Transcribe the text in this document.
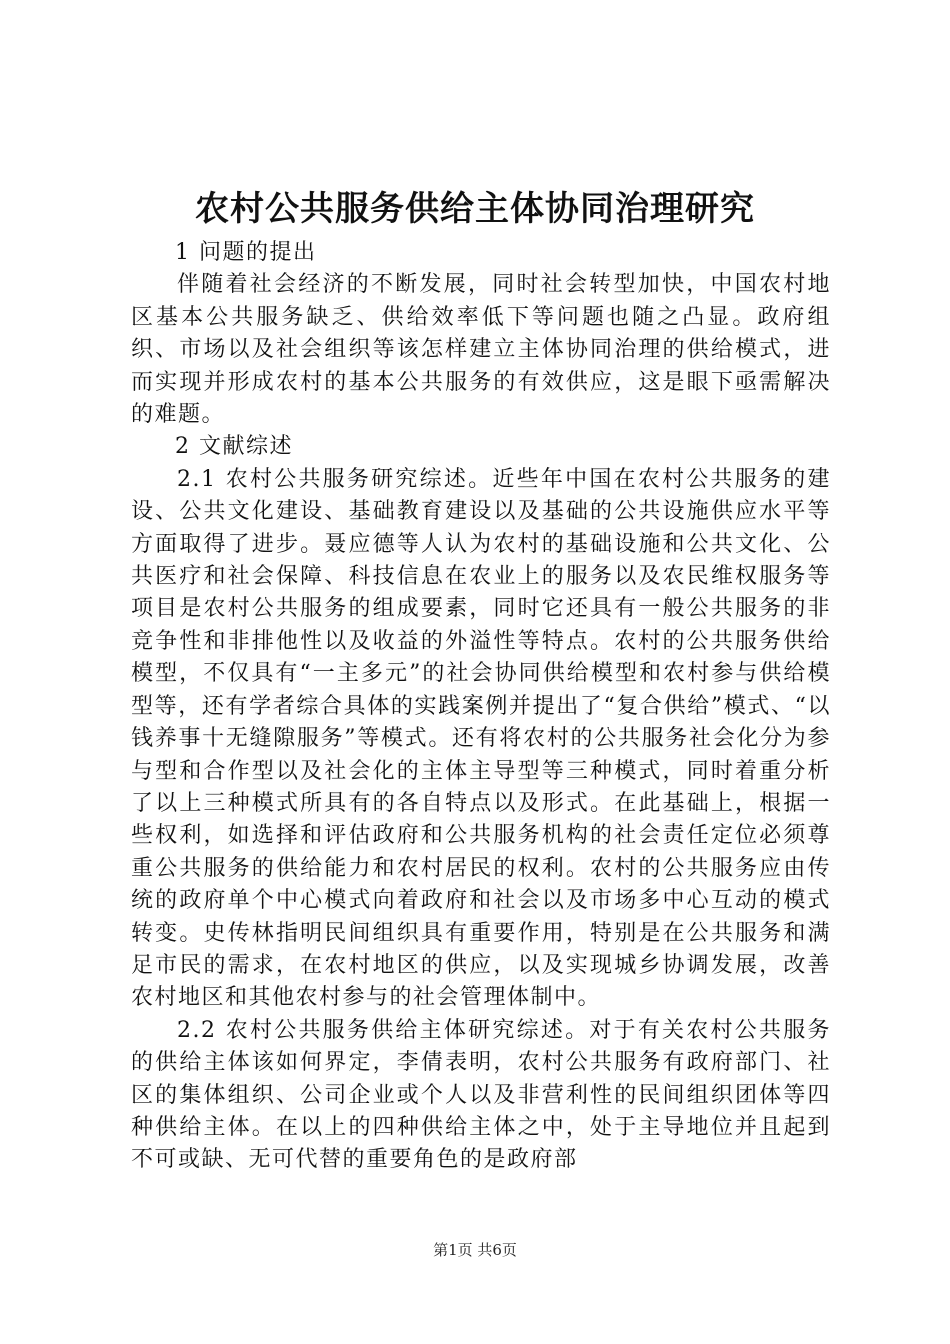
农村公共服务供给主体协同治理研究

1 问题的提出

伴随着社会经济的不断发展，同时社会转型加快，中国农村地区基本公共服务缺乏、供给效率低下等问题也随之凸显。政府组织、市场以及社会组织等该怎样建立主体协同治理的供给模式，进而实现并形成农村的基本公共服务的有效供应，这是眼下亟需解决的难题。

2 文献综述

2.1 农村公共服务研究综述。近些年中国在农村公共服务的建设、公共文化建设、基础教育建设以及基础的公共设施供应水平等方面取得了进步。聂应德等人认为农村的基础设施和公共文化、公共医疗和社会保障、科技信息在农业上的服务以及农民维权服务等项目是农村公共服务的组成要素，同时它还具有一般公共服务的非竞争性和非排他性以及收益的外溢性等特点。农村的公共服务供给模型，不仅具有“一主多元”的社会协同供给模型和农村参与供给模型等，还有学者综合具体的实践案例并提出了“复合供给”模式、“以钱养事十无缝隙服务”等模式。还有将农村的公共服务社会化分为参与型和合作型以及社会化的主体主导型等三种模式，同时着重分析了以上三种模式所具有的各自特点以及形式。在此基础上，根据一些权利，如选择和评估政府和公共服务机构的社会责任定位必须尊重公共服务的供给能力和农村居民的权利。农村的公共服务应由传统的政府单个中心模式向着政府和社会以及市场多中心互动的模式转变。史传林指明民间组织具有重要作用，特别是在公共服务和满足市民的需求，在农村地区的供应，以及实现城乡协调发展，改善农村地区和其他农村参与的社会管理体制中。

2.2 农村公共服务供给主体研究综述。对于有关农村公共服务的供给主体该如何界定，李倩表明，农村公共服务有政府部门、社区的集体组织、公司企业或个人以及非营利性的民间组织团体等四种供给主体。在以上的四种供给主体之中，处于主导地位并且起到不可或缺、无可代替的重要角色的是政府部

第1页 共6页
